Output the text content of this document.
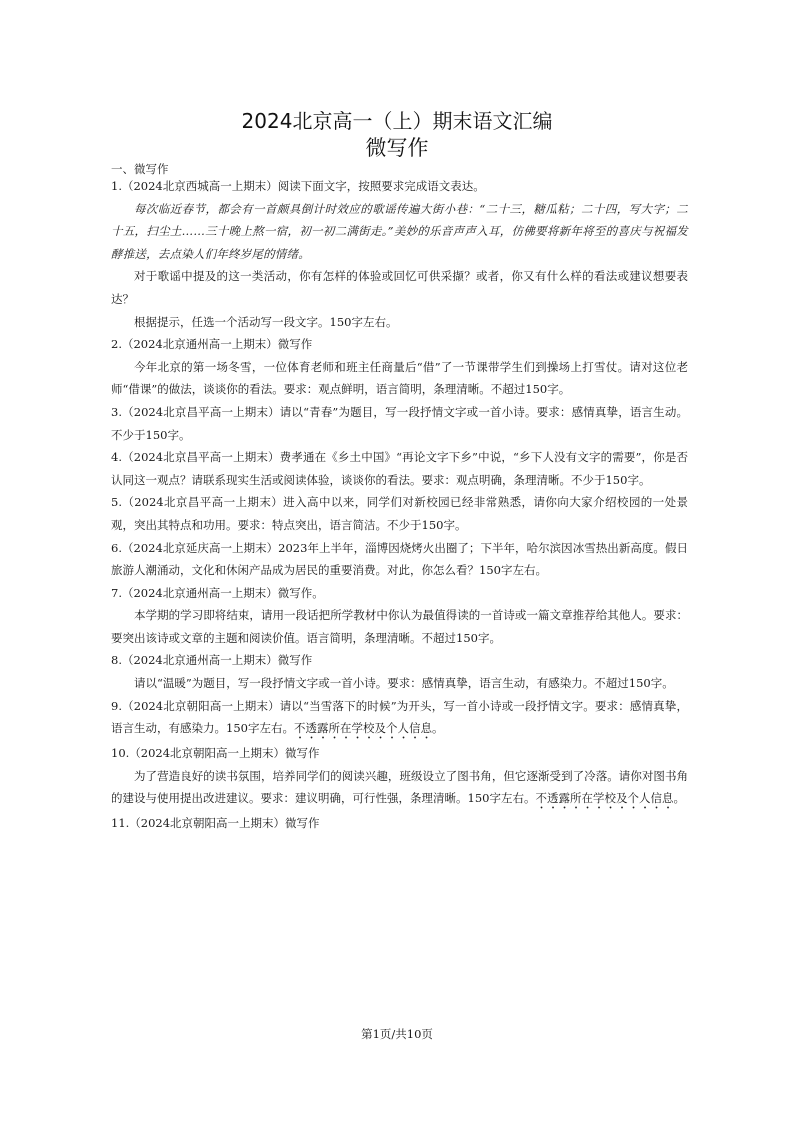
2024北京高一（上）期末语文汇编
微写作
一、微写作

1.（2024北京西城高一上期末）阅读下面文字，按照要求完成语文表达。

每次临近春节，都会有一首颇具倒计时效应的歌谣传遍大街小巷：“二十三，糖瓜粘；二十四，写大字；二十五，扫尘土……三十晚上熬一宿，初一初二满街走。”美妙的乐音声声入耳，仿佛要将新年将至的喜庆与祝福发酵推送，去点染人们年终岁尾的情绪。

对于歌谣中提及的这一类活动，你有怎样的体验或回忆可供采撷？或者，你又有什么样的看法或建议想要表达？

根据提示，任选一个活动写一段文字。150字左右。

2.（2024北京通州高一上期末）微写作

今年北京的第一场冬雪，一位体育老师和班主任商量后“借”了一节课带学生们到操场上打雪仗。请对这位老师“借课”的做法，谈谈你的看法。要求：观点鲜明，语言简明，条理清晰。不超过150字。

3.（2024北京昌平高一上期末）请以“青春”为题目，写一段抒情文字或一首小诗。要求：感情真挚，语言生动。不少于150字。

4.（2024北京昌平高一上期末）费孝通在《乡土中国》“再论文字下乡”中说，“乡下人没有文字的需要”，你是否认同这一观点？请联系现实生活或阅读体验，谈谈你的看法。要求：观点明确，条理清晰。不少于150字。

5.（2024北京昌平高一上期末）进入高中以来，同学们对新校园已经非常熟悉，请你向大家介绍校园的一处景观，突出其特点和功用。要求：特点突出，语言简洁。不少于150字。

6.（2024北京延庆高一上期末）2023年上半年，淄博因烧烤火出圈了；下半年，哈尔滨因冰雪热出新高度。假日旅游人潮涌动，文化和休闲产品成为居民的重要消费。对此，你怎么看？150字左右。

7.（2024北京通州高一上期末）微写作。

本学期的学习即将结束，请用一段话把所学教材中你认为最值得读的一首诗或一篇文章推荐给其他人。要求：要突出该诗或文章的主题和阅读价值。语言简明，条理清晰。不超过150字。

8.（2024北京通州高一上期末）微写作

请以“温暖”为题目，写一段抒情文字或一首小诗。要求：感情真挚，语言生动，有感染力。不超过150字。

9.（2024北京朝阳高一上期末）请以“当雪落下的时候”为开头，写一首小诗或一段抒情文字。要求：感情真挚，语言生动，有感染力。150字左右。不透露所在学校及个人信息。

10.（2024北京朝阳高一上期末）微写作

为了营造良好的读书氛围，培养同学们的阅读兴趣，班级设立了图书角，但它逐渐受到了冷落。请你对图书角的建设与使用提出改进建议。要求：建议明确，可行性强，条理清晰。150字左右。不透露所在学校及个人信息。

11.（2024北京朝阳高一上期末）微写作

第1页/共10页
